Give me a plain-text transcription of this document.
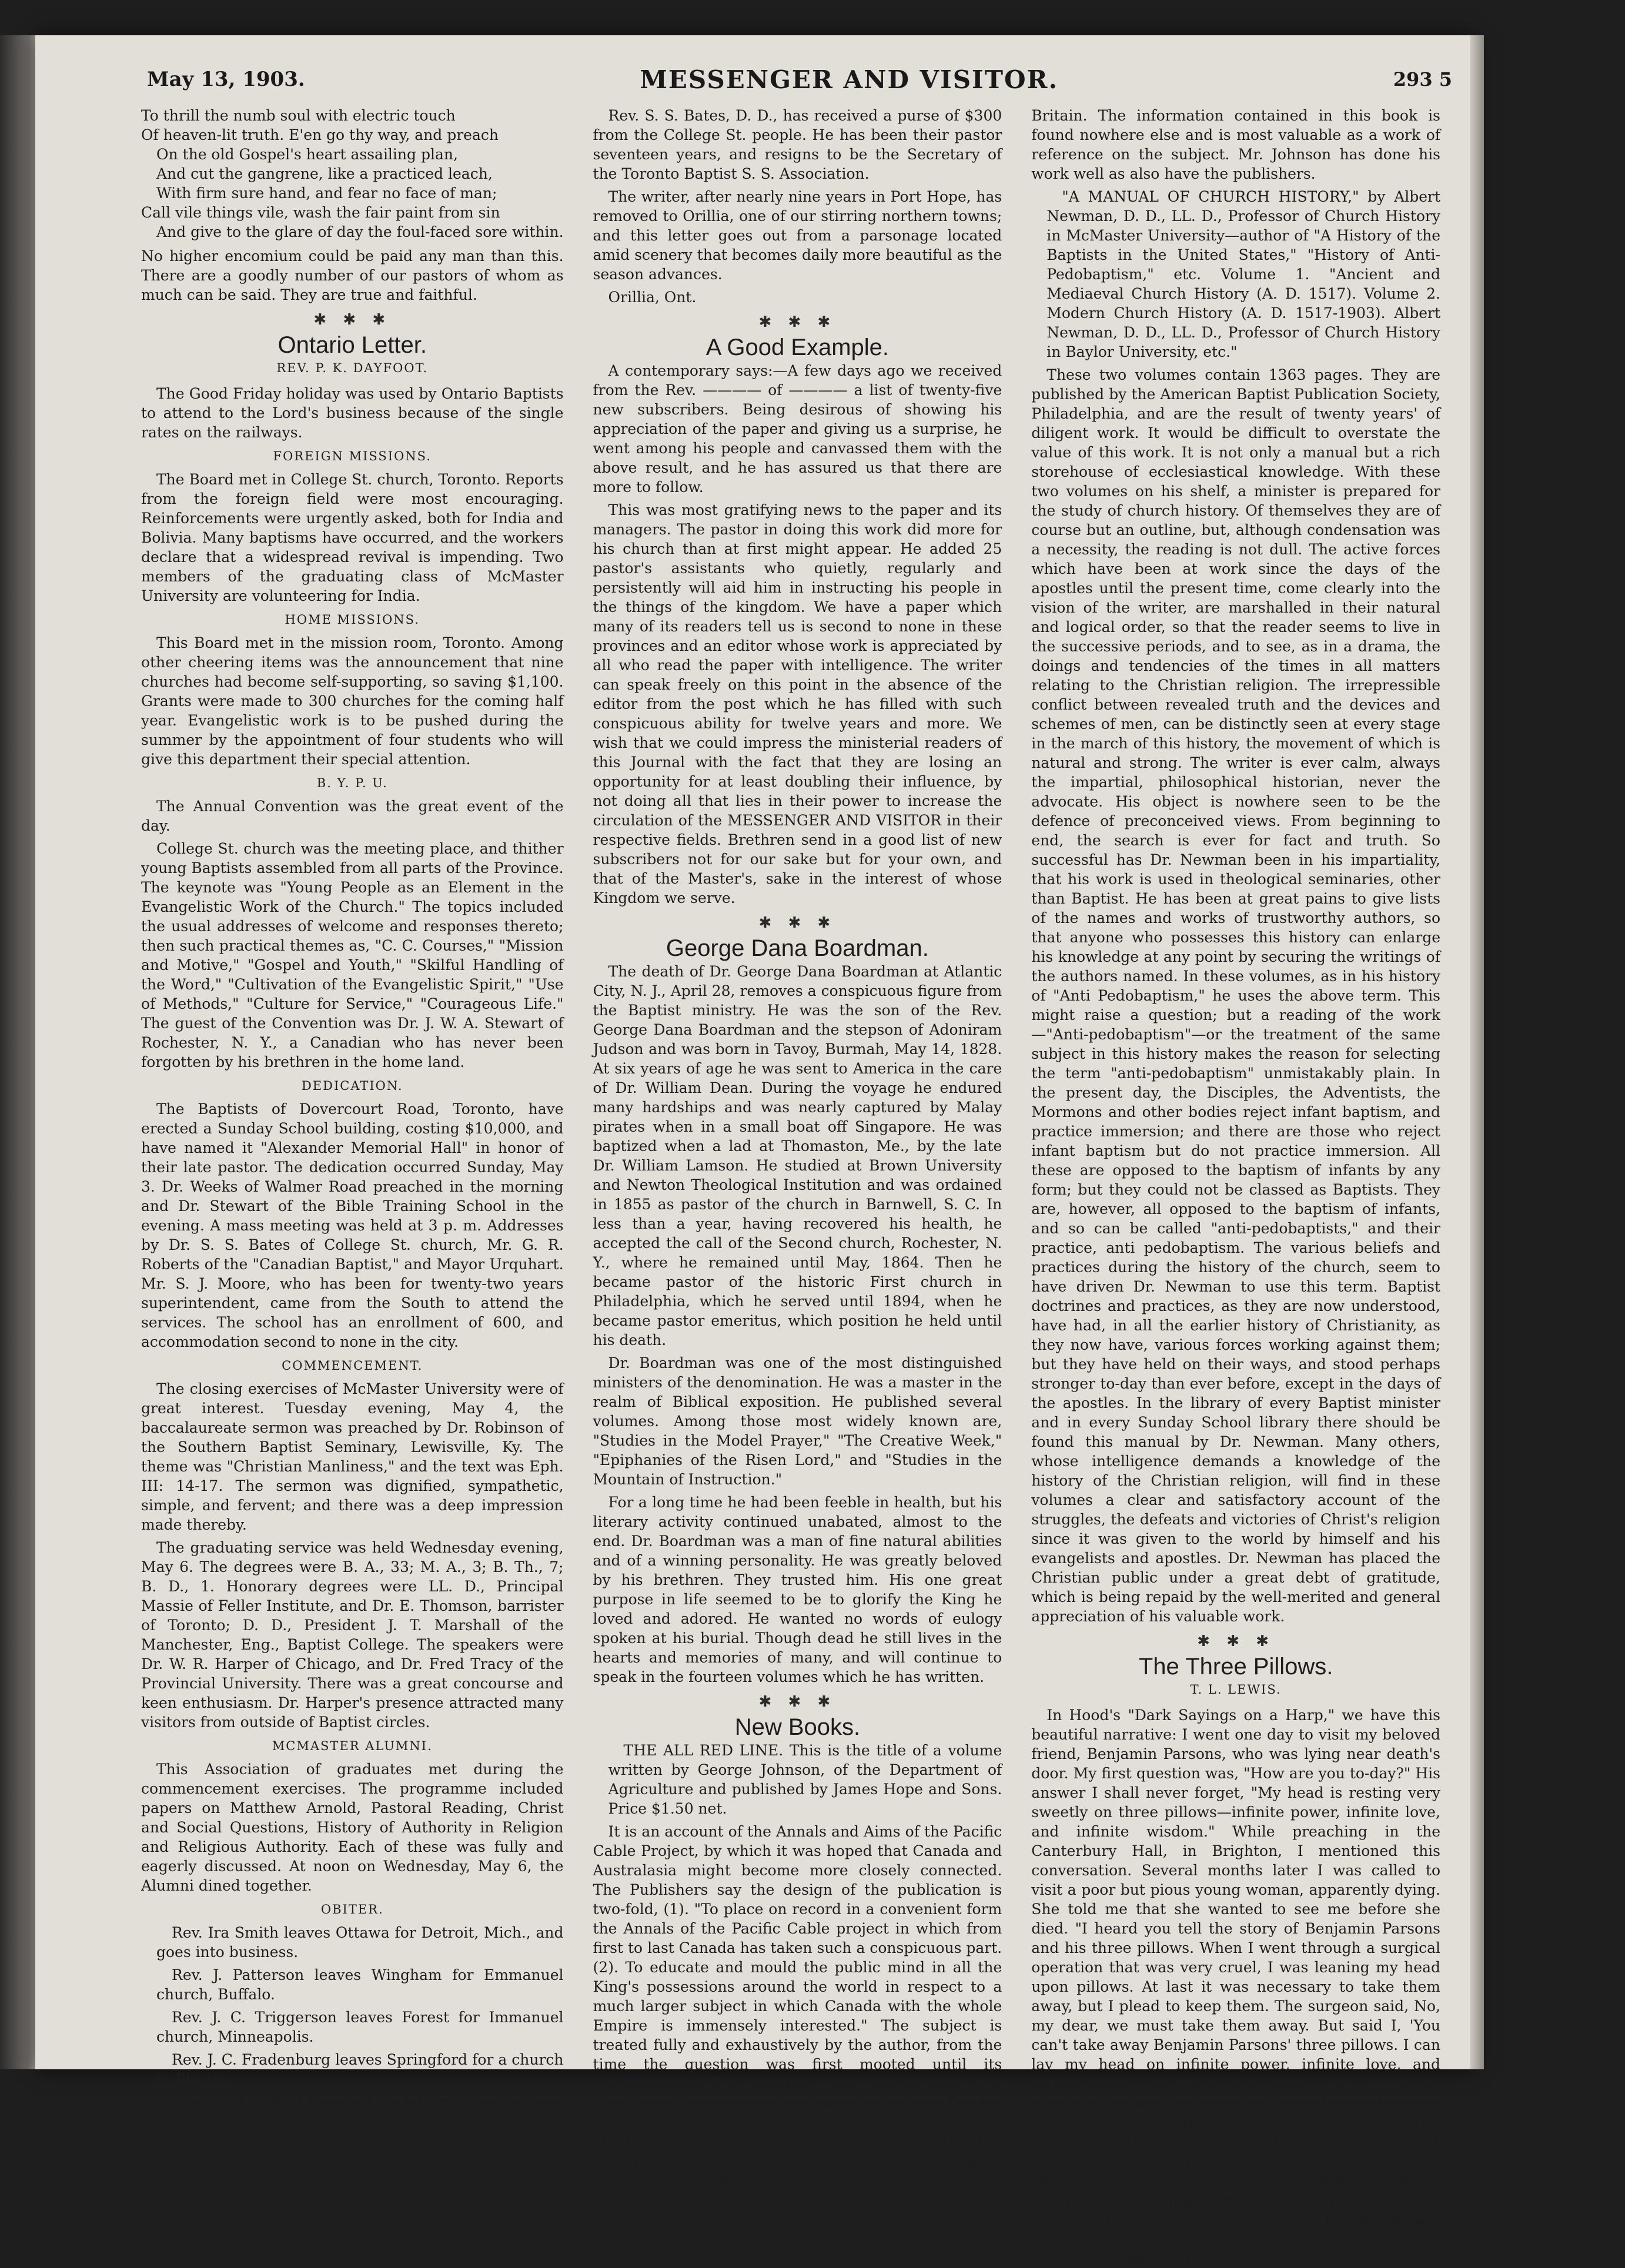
May 13, 1903.	MESSENGER AND VISITOR.	293 5
To thrill the numb soul with electric touch
Of heaven-lit truth. E'en go thy way, and preach
On the old Gospel's heart assailing plan,
And cut the gangrene, like a practiced leach,
With firm sure hand, and fear no face of man;
Call vile things vile, wash the fair paint from sin
And give to the glare of day the foul-faced sore within.

No higher encomium could be paid any man than this. There are a goodly number of our pastors of whom as much can be said. They are true and faithful.

✱ ✱ ✱
Ontario Letter.
REV. P. K. DAYFOOT.

The Good Friday holiday was used by Ontario Baptists to attend to the Lord's business because of the single rates on the railways.

FOREIGN MISSIONS.

The Board met in College St. church, Toronto. Reports from the foreign field were most encouraging. Reinforcements were urgently asked, both for India and Bolivia. Many baptisms have occurred, and the workers declare that a widespread revival is impending. Two members of the graduating class of McMaster University are volunteering for India.

HOME MISSIONS.

This Board met in the mission room, Toronto. Among other cheering items was the announcement that nine churches had become self-supporting, so saving $1,100. Grants were made to 300 churches for the coming half year. Evangelistic work is to be pushed during the summer by the appointment of four students who will give this department their special attention.

B. Y. P. U.

The Annual Convention was the great event of the day.

College St. church was the meeting place, and thither young Baptists assembled from all parts of the Province. The keynote was "Young People as an Element in the Evangelistic Work of the Church." The topics included the usual addresses of welcome and responses thereto; then such practical themes as, "C. C. Courses," "Mission and Motive," "Gospel and Youth," "Skilful Handling of the Word," "Cultivation of the Evangelistic Spirit," "Use of Methods," "Culture for Service," "Courageous Life." The guest of the Convention was Dr. J. W. A. Stewart of Rochester, N. Y., a Canadian who has never been forgotten by his brethren in the home land.

DEDICATION.

The Baptists of Dovercourt Road, Toronto, have erected a Sunday School building, costing $10,000, and have named it "Alexander Memorial Hall" in honor of their late pastor. The dedication occurred Sunday, May 3. Dr. Weeks of Walmer Road preached in the morning and Dr. Stewart of the Bible Training School in the evening. A mass meeting was held at 3 p. m. Addresses by Dr. S. S. Bates of College St. church, Mr. G. R. Roberts of the "Canadian Baptist," and Mayor Urquhart. Mr. S. J. Moore, who has been for twenty-two years superintendent, came from the South to attend the services. The school has an enrollment of 600, and accommodation second to none in the city.

COMMENCEMENT.

The closing exercises of McMaster University were of great interest. Tuesday evening, May 4, the baccalaureate sermon was preached by Dr. Robinson of the Southern Baptist Seminary, Lewisville, Ky. The theme was "Christian Manliness," and the text was Eph. III: 14-17. The sermon was dignified, sympathetic, simple, and fervent; and there was a deep impression made thereby.

The graduating service was held Wednesday evening, May 6. The degrees were B. A., 33; M. A., 3; B. Th., 7; B. D., 1. Honorary degrees were LL. D., Principal Massie of Feller Institute, and Dr. E. Thomson, barrister of Toronto; D. D., President J. T. Marshall of the Manchester, Eng., Baptist College. The speakers were Dr. W. R. Harper of Chicago, and Dr. Fred Tracy of the Provincial University. There was a great concourse and keen enthusiasm. Dr. Harper's presence attracted many visitors from outside of Baptist circles.

MCMASTER ALUMNI.

This Association of graduates met during the commencement exercises. The programme included papers on Matthew Arnold, Pastoral Reading, Christ and Social Questions, History of Authority in Religion and Religious Authority. Each of these was fully and eagerly discussed. At noon on Wednesday, May 6, the Alumni dined together.

OBITER.

Rev. Ira Smith leaves Ottawa for Detroit, Mich., and goes into business.

Rev. J. Patterson leaves Wingham for Emmanuel church, Buffalo.

Rev. J. C. Triggerson leaves Forest for Immanuel church, Minneapolis.

Rev. J. C. Fradenburg leaves Springford for a church in Illinois.

Rev. D. M. Mihell leaves the ministry for a business life.

Rev. S. S. Bates, D. D., has received a purse of $300 from the College St. people. He has been their pastor seventeen years, and resigns to be the Secretary of the Toronto Baptist S. S. Association.

The writer, after nearly nine years in Port Hope, has removed to Orillia, one of our stirring northern towns; and this letter goes out from a parsonage located amid scenery that becomes daily more beautiful as the season advances.

Orillia, Ont.
✱ ✱ ✱
A Good Example.

A contemporary says:—A few days ago we received from the Rev. ———— of ———— a list of twenty-five new subscribers. Being desirous of showing his appreciation of the paper and giving us a surprise, he went among his people and canvassed them with the above result, and he has assured us that there are more to follow.

This was most gratifying news to the paper and its managers. The pastor in doing this work did more for his church than at first might appear. He added 25 pastor's assistants who quietly, regularly and persistently will aid him in instructing his people in the things of the kingdom. We have a paper which many of its readers tell us is second to none in these provinces and an editor whose work is appreciated by all who read the paper with intelligence. The writer can speak freely on this point in the absence of the editor from the post which he has filled with such conspicuous ability for twelve years and more. We wish that we could impress the ministerial readers of this Journal with the fact that they are losing an opportunity for at least doubling their influence, by not doing all that lies in their power to increase the circulation of the MESSENGER AND VISITOR in their respective fields. Brethren send in a good list of new subscribers not for our sake but for your own, and that of the Master's, sake in the interest of whose Kingdom we serve.

✱ ✱ ✱
George Dana Boardman.

The death of Dr. George Dana Boardman at Atlantic City, N. J., April 28, removes a conspicuous figure from the Baptist ministry. He was the son of the Rev. George Dana Boardman and the stepson of Adoniram Judson and was born in Tavoy, Burmah, May 14, 1828. At six years of age he was sent to America in the care of Dr. William Dean. During the voyage he endured many hardships and was nearly captured by Malay pirates when in a small boat off Singapore. He was baptized when a lad at Thomaston, Me., by the late Dr. William Lamson. He studied at Brown University and Newton Theological Institution and was ordained in 1855 as pastor of the church in Barnwell, S. C. In less than a year, having recovered his health, he accepted the call of the Second church, Rochester, N. Y., where he remained until May, 1864. Then he became pastor of the historic First church in Philadelphia, which he served until 1894, when he became pastor emeritus, which position he held until his death.

Dr. Boardman was one of the most distinguished ministers of the denomination. He was a master in the realm of Biblical exposition. He published several volumes. Among those most widely known are, "Studies in the Model Prayer," "The Creative Week," "Epiphanies of the Risen Lord," and "Studies in the Mountain of Instruction."

For a long time he had been feeble in health, but his literary activity continued unabated, almost to the end. Dr. Boardman was a man of fine natural abilities and of a winning personality. He was greatly beloved by his brethren. They trusted him. His one great purpose in life seemed to be to glorify the King he loved and adored. He wanted no words of eulogy spoken at his burial. Though dead he still lives in the hearts and memories of many, and will continue to speak in the fourteen volumes which he has written.

✱ ✱ ✱
New Books.

THE ALL RED LINE. This is the title of a volume written by George Johnson, of the Department of Agriculture and published by James Hope and Sons. Price $1.50 net.

It is an account of the Annals and Aims of the Pacific Cable Project, by which it was hoped that Canada and Australasia might become more closely connected. The Publishers say the design of the publication is two-fold, (1). "To place on record in a convenient form the Annals of the Pacific Cable project in which from first to last Canada has taken such a conspicuous part. (2). To educate and mould the public mind in all the King's possessions around the world in respect to a much larger subject in which Canada with the whole Empire is immensely interested." The subject is treated fully and exhaustively by the author, from the time the question was first mooted until its consummation. The Canadian public is indebted to Sir Sandford Fleming more than to any other man for this cable, whose splendid optimism led to the overcoming of all obstacles to the enterprise. He believed that the construction of such a cable would play a most interesting part in welding the Greater

Britain. The information contained in this book is found nowhere else and is most valuable as a work of reference on the subject. Mr. Johnson has done his work well as also have the publishers.

"A MANUAL OF CHURCH HISTORY," by Albert Newman, D. D., LL. D., Professor of Church History in McMaster University—author of "A History of the Baptists in the United States," "History of Anti-Pedobaptism," etc. Volume 1. "Ancient and Mediaeval Church History (A. D. 1517). Volume 2. Modern Church History (A. D. 1517-1903). Albert Newman, D. D., LL. D., Professor of Church History in Baylor University, etc."

These two volumes contain 1363 pages. They are published by the American Baptist Publication Society, Philadelphia, and are the result of twenty years' of diligent work. It would be difficult to overstate the value of this work. It is not only a manual but a rich storehouse of ecclesiastical knowledge. With these two volumes on his shelf, a minister is prepared for the study of church history. Of themselves they are of course but an outline, but, although condensation was a necessity, the reading is not dull. The active forces which have been at work since the days of the apostles until the present time, come clearly into the vision of the writer, are marshalled in their natural and logical order, so that the reader seems to live in the successive periods, and to see, as in a drama, the doings and tendencies of the times in all matters relating to the Christian religion. The irrepressible conflict between revealed truth and the devices and schemes of men, can be distinctly seen at every stage in the march of this history, the movement of which is natural and strong. The writer is ever calm, always the impartial, philosophical historian, never the advocate. His object is nowhere seen to be the defence of preconceived views. From beginning to end, the search is ever for fact and truth. So successful has Dr. Newman been in his impartiality, that his work is used in theological seminaries, other than Baptist. He has been at great pains to give lists of the names and works of trustworthy authors, so that anyone who possesses this history can enlarge his knowledge at any point by securing the writings of the authors named. In these volumes, as in his history of "Anti Pedobaptism," he uses the above term. This might raise a question; but a reading of the work—"Anti-pedobaptism"—or the treatment of the same subject in this history makes the reason for selecting the term "anti-pedobaptism" unmistakably plain. In the present day, the Disciples, the Adventists, the Mormons and other bodies reject infant baptism, and practice immersion; and there are those who reject infant baptism but do not practice immersion. All these are opposed to the baptism of infants by any form; but they could not be classed as Baptists. They are, however, all opposed to the baptism of infants, and so can be called "anti-pedobaptists," and their practice, anti pedobaptism. The various beliefs and practices during the history of the church, seem to have driven Dr. Newman to use this term. Baptist doctrines and practices, as they are now understood, have had, in all the earlier history of Christianity, as they now have, various forces working against them; but they have held on their ways, and stood perhaps stronger to-day than ever before, except in the days of the apostles. In the library of every Baptist minister and in every Sunday School library there should be found this manual by Dr. Newman. Many others, whose intelligence demands a knowledge of the history of the Christian religion, will find in these volumes a clear and satisfactory account of the struggles, the defeats and victories of Christ's religion since it was given to the world by himself and his evangelists and apostles. Dr. Newman has placed the Christian public under a great debt of gratitude, which is being repaid by the well-merited and general appreciation of his valuable work.

✱ ✱ ✱
The Three Pillows.
T. L. LEWIS.

In Hood's "Dark Sayings on a Harp," we have this beautiful narrative: I went one day to visit my beloved friend, Benjamin Parsons, who was lying near death's door. My first question was, "How are you to-day?" His answer I shall never forget, "My head is resting very sweetly on three pillows—infinite power, infinite love, and infinite wisdom." While preaching in the Canterbury Hall, in Brighton, I mentioned this conversation. Several months later I was called to visit a poor but pious young woman, apparently dying. She told me that she wanted to see me before she died. "I heard you tell the story of Benjamin Parsons and his three pillows. When I went through a surgical operation that was very cruel, I was leaning my head upon pillows. At last it was necessary to take them away, but I plead to keep them. The surgeon said, No, my dear, we must take them away. But said I, 'You can't take away Benjamin Parsons' three pillows. I can lay my head on infinite power, infinite love, and infinite wisdom, and there I am resting today.'" Oh, my pain-stricken brother, or sister, you who are tortured with cruel and unrelievable pain, you who sometimes almost feel the chill of the dark valley, pillow your head upon infinite power, infinite love, and infinite wisdom. Let your soul be securely anchored on the great promises of Jesus and rest sweetly there, even if this perishing body is tossed on the billows of pain and anguish. The night will soon be spent and the bright day dawn in eternal glory.—Sel.
